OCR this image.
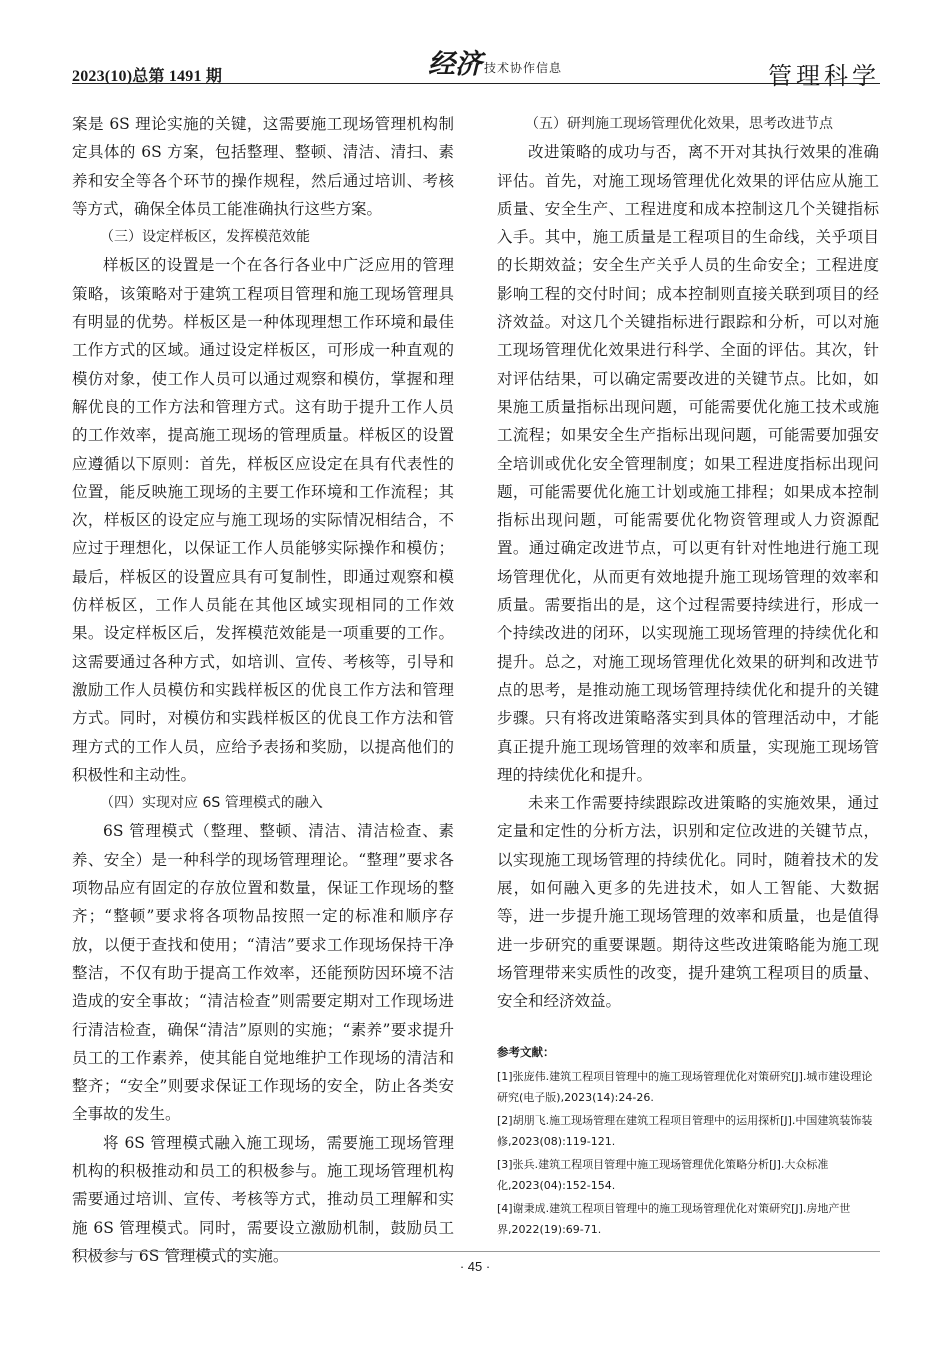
2023(10)总第 1491 期	经济 技术协作信息	管理科学

案是 6S 理论实施的关键，这需要施工现场管理机构制定具体的 6S 方案，包括整理、整顿、清洁、清扫、素养和安全等各个环节的操作规程，然后通过培训、考核等方式，确保全体员工能准确执行这些方案。

（三）设定样板区，发挥模范效能

样板区的设置是一个在各行各业中广泛应用的管理策略，该策略对于建筑工程项目管理和施工现场管理具有明显的优势。样板区是一种体现理想工作环境和最佳工作方式的区域。通过设定样板区，可形成一种直观的模仿对象，使工作人员可以通过观察和模仿，掌握和理解优良的工作方法和管理方式。这有助于提升工作人员的工作效率，提高施工现场的管理质量。样板区的设置应遵循以下原则：首先，样板区应设定在具有代表性的位置，能反映施工现场的主要工作环境和工作流程；其次，样板区的设定应与施工现场的实际情况相结合，不应过于理想化，以保证工作人员能够实际操作和模仿；最后，样板区的设置应具有可复制性，即通过观察和模仿样板区，工作人员能在其他区域实现相同的工作效果。设定样板区后，发挥模范效能是一项重要的工作。这需要通过各种方式，如培训、宣传、考核等，引导和激励工作人员模仿和实践样板区的优良工作方法和管理方式。同时，对模仿和实践样板区的优良工作方法和管理方式的工作人员，应给予表扬和奖励，以提高他们的积极性和主动性。

（四）实现对应 6S 管理模式的融入

6S 管理模式（整理、整顿、清洁、清洁检查、素养、安全）是一种科学的现场管理理论。“整理”要求各项物品应有固定的存放位置和数量，保证工作现场的整齐；“整顿”要求将各项物品按照一定的标准和顺序存放，以便于查找和使用；“清洁”要求工作现场保持干净整洁，不仅有助于提高工作效率，还能预防因环境不洁造成的安全事故；“清洁检查”则需要定期对工作现场进行清洁检查，确保“清洁”原则的实施；“素养”要求提升员工的工作素养，使其能自觉地维护工作现场的清洁和整齐；“安全”则要求保证工作现场的安全，防止各类安全事故的发生。

将 6S 管理模式融入施工现场，需要施工现场管理机构的积极推动和员工的积极参与。施工现场管理机构需要通过培训、宣传、考核等方式，推动员工理解和实施 6S 管理模式。同时，需要设立激励机制，鼓励员工积极参与 6S 管理模式的实施。

（五）研判施工现场管理优化效果，思考改进节点

改进策略的成功与否，离不开对其执行效果的准确评估。首先，对施工现场管理优化效果的评估应从施工质量、安全生产、工程进度和成本控制这几个关键指标入手。其中，施工质量是工程项目的生命线，关乎项目的长期效益；安全生产关乎人员的生命安全；工程进度影响工程的交付时间；成本控制则直接关联到项目的经济效益。对这几个关键指标进行跟踪和分析，可以对施工现场管理优化效果进行科学、全面的评估。其次，针对评估结果，可以确定需要改进的关键节点。比如，如果施工质量指标出现问题，可能需要优化施工技术或施工流程；如果安全生产指标出现问题，可能需要加强安全培训或优化安全管理制度；如果工程进度指标出现问题，可能需要优化施工计划或施工排程；如果成本控制指标出现问题，可能需要优化物资管理或人力资源配置。通过确定改进节点，可以更有针对性地进行施工现场管理优化，从而更有效地提升施工现场管理的效率和质量。需要指出的是，这个过程需要持续进行，形成一个持续改进的闭环，以实现施工现场管理的持续优化和提升。总之，对施工现场管理优化效果的研判和改进节点的思考，是推动施工现场管理持续优化和提升的关键步骤。只有将改进策略落实到具体的管理活动中，才能真正提升施工现场管理的效率和质量，实现施工现场管理的持续优化和提升。

未来工作需要持续跟踪改进策略的实施效果，通过定量和定性的分析方法，识别和定位改进的关键节点，以实现施工现场管理的持续优化。同时，随着技术的发展，如何融入更多的先进技术，如人工智能、大数据等，进一步提升施工现场管理的效率和质量，也是值得进一步研究的重要课题。期待这些改进策略能为施工现场管理带来实质性的改变，提升建筑工程项目的质量、安全和经济效益。

参考文献：
[1]张庞伟.建筑工程项目管理中的施工现场管理优化对策研究[J].城市建设理论研究(电子版),2023(14):24-26.
[2]胡朋飞.施工现场管理在建筑工程项目管理中的运用探析[J].中国建筑装饰装修,2023(08):119-121.
[3]张兵.建筑工程项目管理中施工现场管理优化策略分析[J].大众标准化,2023(04):152-154.
[4]谢秉成.建筑工程项目管理中的施工现场管理优化对策研究[J].房地产世界,2022(19):69-71.
· 45 ·
